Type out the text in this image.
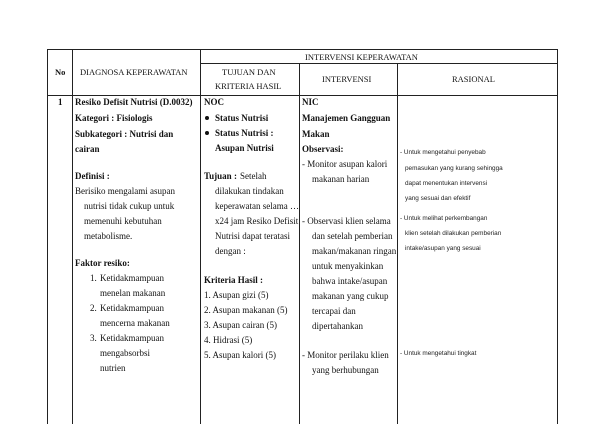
No DIAGNOSA KEPERAWATAN
INTERVENSI KEPERAWATAN
TUJUAN DAN
KRITERIA HASIL
INTERVENSI	RASIONAL
1 Resiko Defisit Nutrisi (D.0032)
Kategori : Fisiologis
Subkategori : Nutrisi dan
cairan
Definisi :
Berisiko mengalami asupan
nutrisi tidak cukup untuk
memenuhi kebutuhan
metabolisme.
Faktor resiko:
1. Ketidakmampuan
menelan makanan
2. Ketidakmampuan
mencerna makanan
3. Ketidakmampuan
mengabsorbsi
nutrien
NOC
Status Nutrisi
Status Nutrisi :
Asupan Nutrisi
Tujuan : Setelah
dilakukan tindakan
keperawatan selama …
x24 jam Resiko Defisit
Nutrisi dapat teratasi
dengan :
Kriteria Hasil :
1. Asupan gizi (5)
2. Asupan makanan (5)
3. Asupan cairan (5)
4. Hidrasi (5)
5. Asupan kalori (5)
NIC
Manajemen Gangguan
Makan
Observasi:
- Monitor asupan kalori
makanan harian
- Observasi klien selama
dan setelah pemberian
makan/makanan ringan
untuk menyakinkan
bahwa intake/asupan
makanan yang cukup
tercapai dan
dipertahankan
- Monitor perilaku klien
yang berhubungan
- Untuk mengetahui penyebab
pemasukan yang kurang sehingga
dapat menentukan intervensi
yang sesuai dan efektif
- Untuk melihat perkembangan
klien setelah dilakukan pemberian
intake/asupan yang sesuai
- Untuk mengetahui tingkat
